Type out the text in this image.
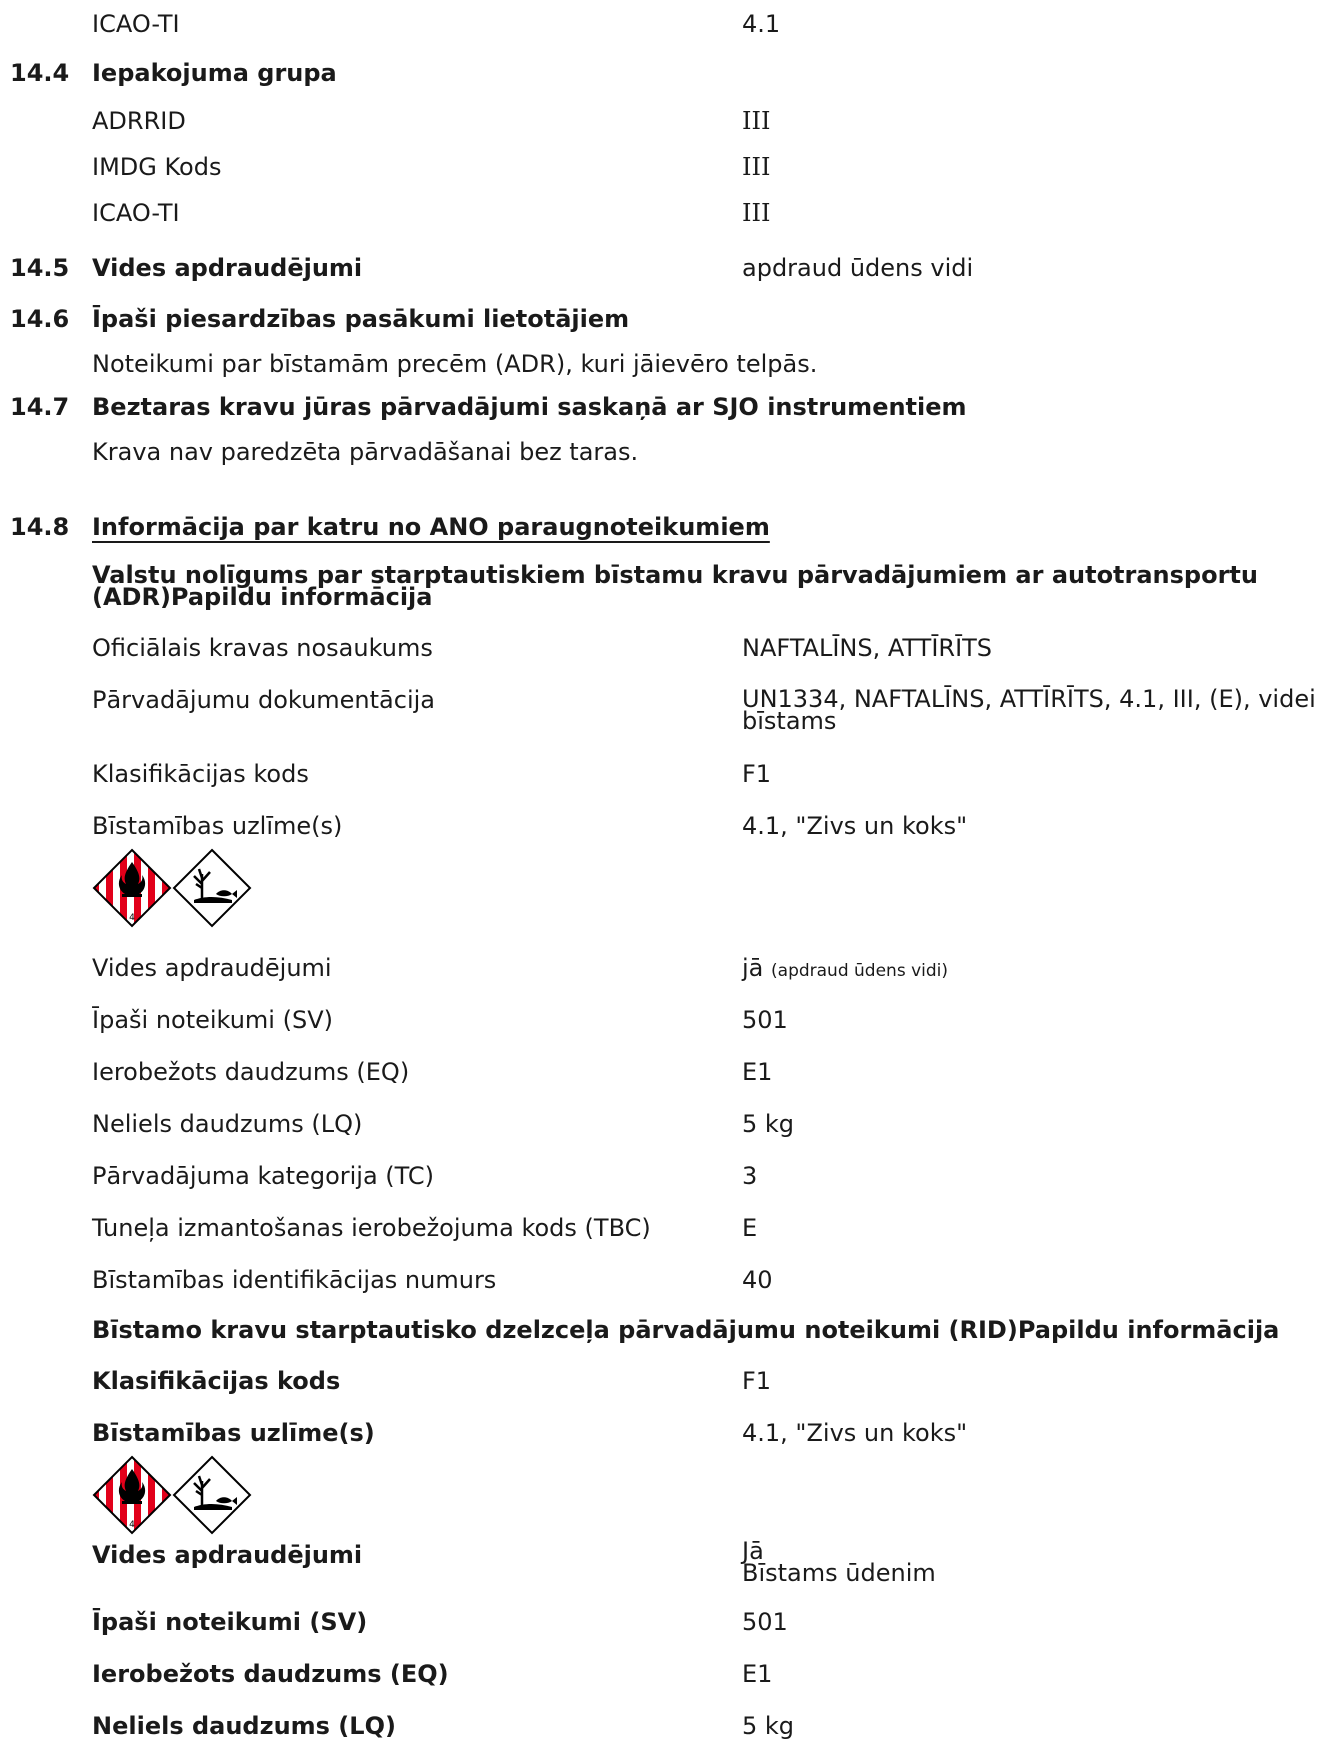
ICAO-TI	4.1
14.4 Iepakojuma grupa
ADRRID	III
IMDG Kods	III
ICAO-TI	III
14.5 Vides apdraudējumi	apdraud ūdens vidi
14.6 Īpaši piesardzības pasākumi lietotājiem
Noteikumi par bīstamām precēm (ADR), kuri jāievēro telpās.
14.7 Beztaras kravu jūras pārvadājumi saskaņā ar SJO instrumentiem
Krava nav paredzēta pārvadāšanai bez taras.
14.8 Informācija par katru no ANO paraugnoteikumiem
Valstu nolīgums par starptautiskiem bīstamu kravu pārvadājumiem ar autotransportu (ADR)Papildu informācija
Oficiālais kravas nosaukums	NAFTALĪNS, ATTĪRĪTS
Pārvadājumu dokumentācija	UN1334, NAFTALĪNS, ATTĪRĪTS, 4.1, III, (E), videi bīstams
Klasifikācijas kods	F1
Bīstamības uzlīme(s)	4.1, "Zivs un koks"
Vides apdraudējumi	jā (apdraud ūdens vidi)
Īpaši noteikumi (SV)	501
Ierobežots daudzums (EQ)	E1
Neliels daudzums (LQ)	5 kg
Pārvadājuma kategorija (TC)	3
Tuneļa izmantošanas ierobežojuma kods (TBC)	E
Bīstamības identifikācijas numurs	40
Bīstamo kravu starptautisko dzelzceļa pārvadājumu noteikumi (RID)Papildu informācija
Klasifikācijas kods	F1
Bīstamības uzlīme(s)	4.1, "Zivs un koks"
Vides apdraudējumi	Jā
Bīstams ūdenim
Īpaši noteikumi (SV)	501
Ierobežots daudzums (EQ)	E1
Neliels daudzums (LQ)	5 kg
